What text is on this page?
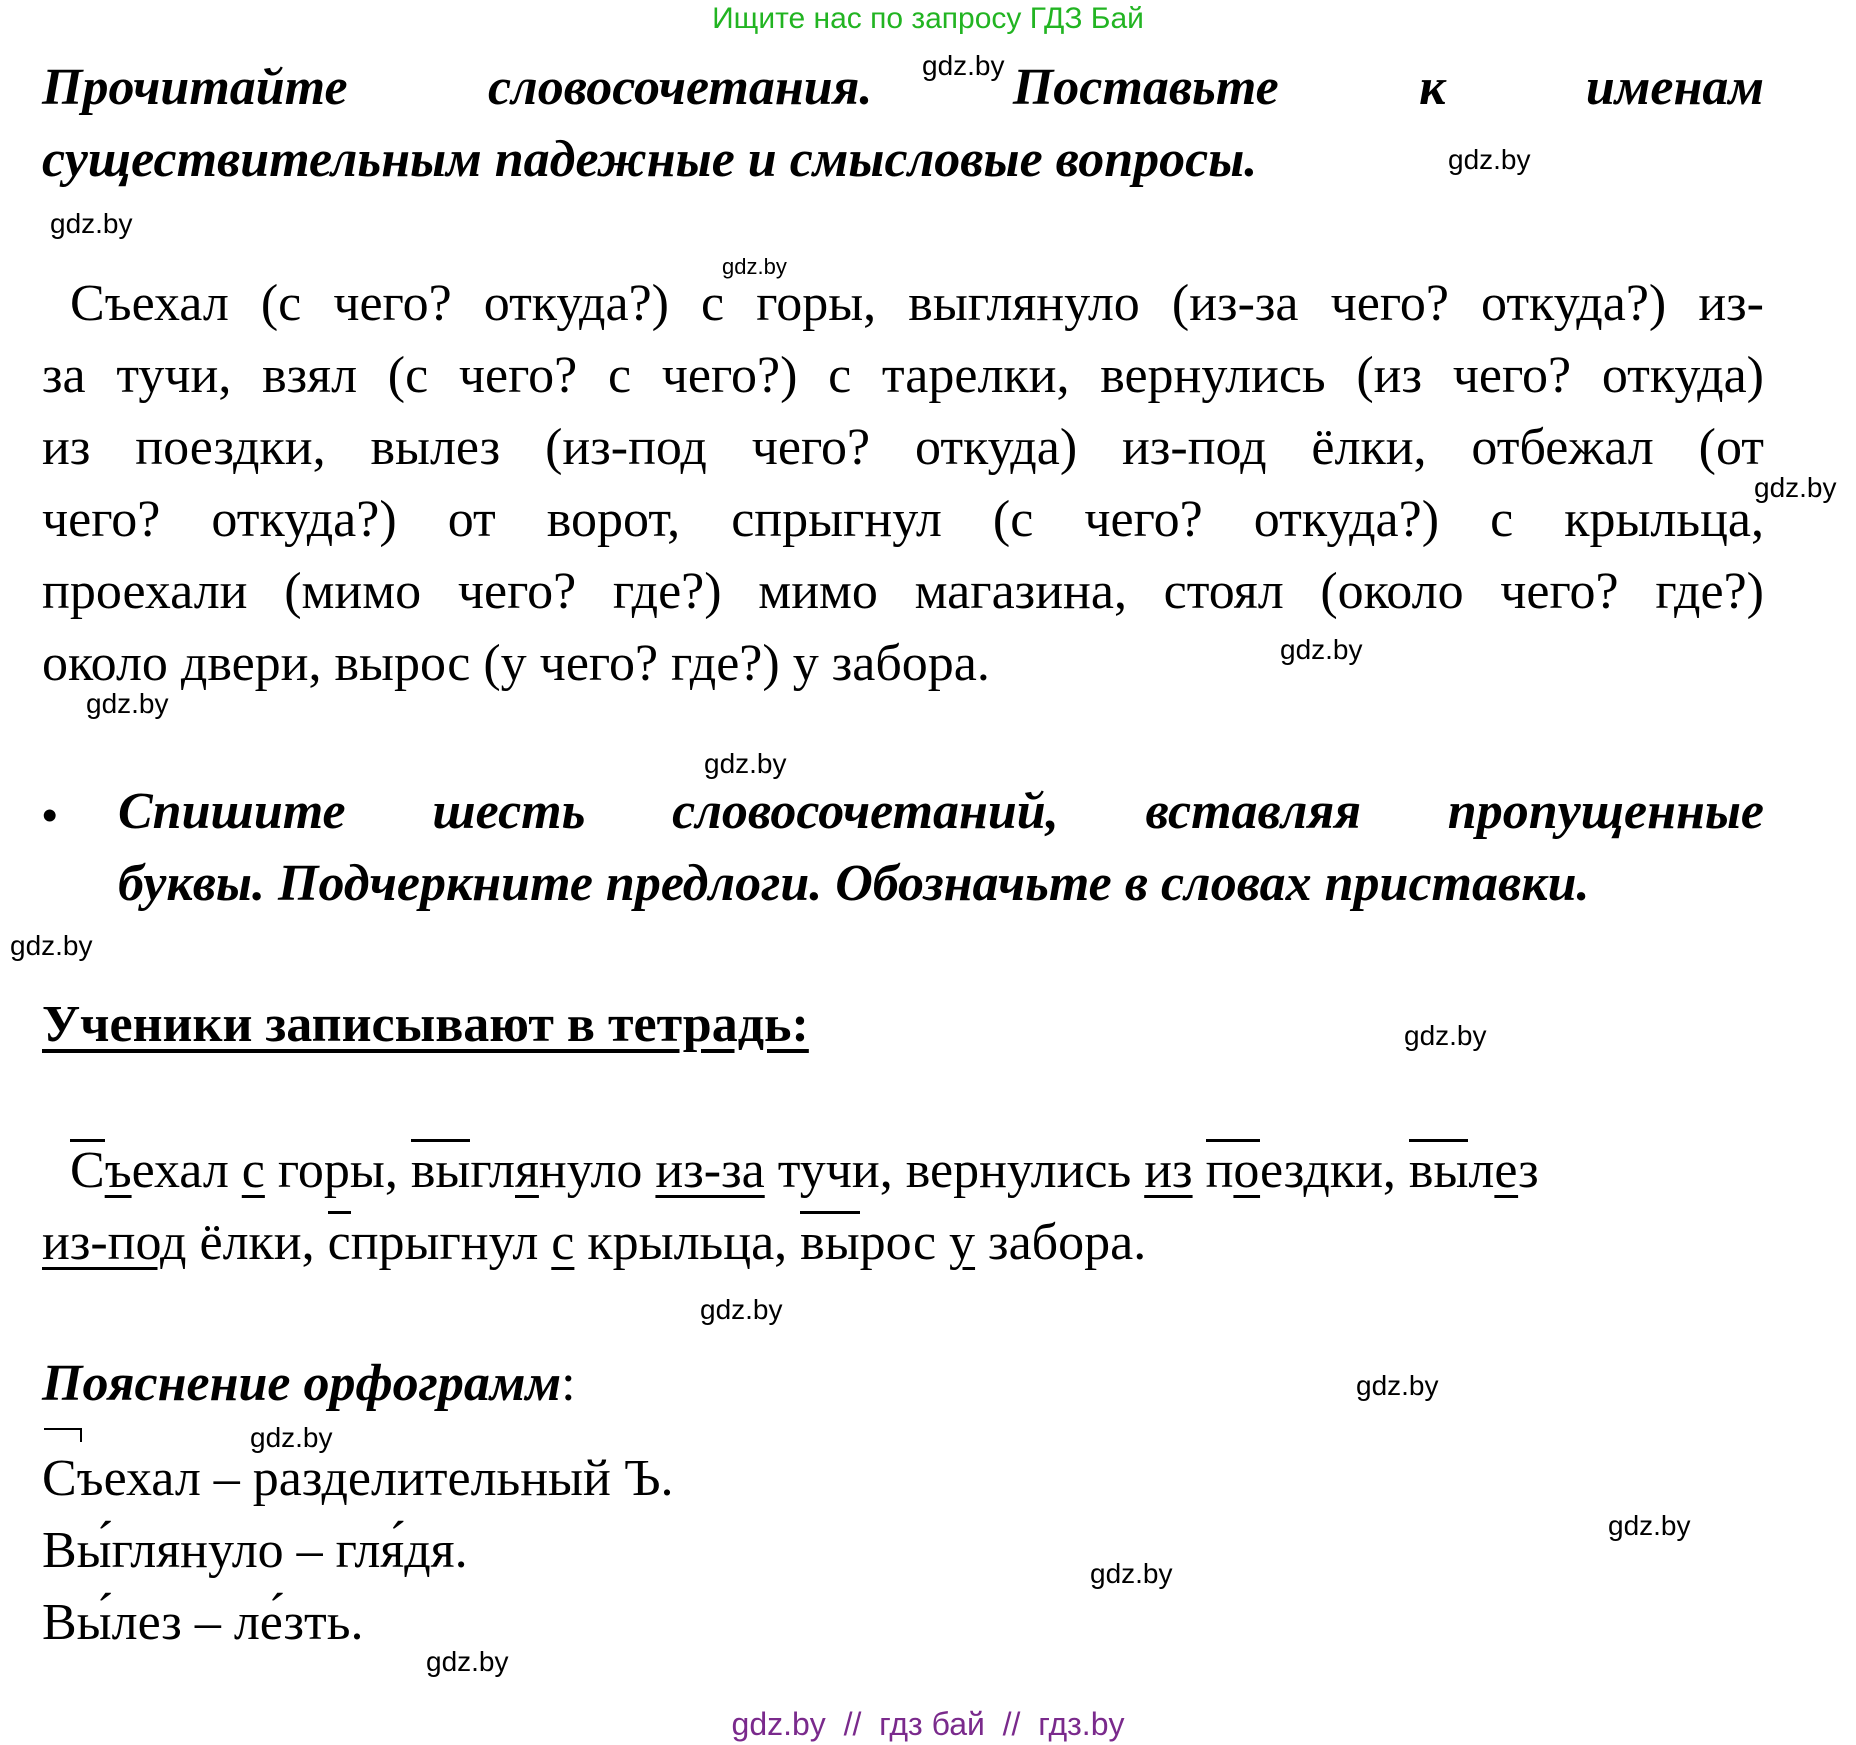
Ищите нас по запросу ГДЗ Бай
Прочитайте	словосочетания.	Поставьте	к	именам
существительным падежные и смысловые вопросы.
Съехал (с чего? откуда?) с горы, выглянуло (из-за чего? откуда?) из-
за тучи, взял (с чего? с чего?) с тарелки, вернулись (из чего? откуда)
из поездки, вылез (из-под чего? откуда) из-под ёлки, отбежал (от
чего? откуда?) от ворот, спрыгнул (с чего? откуда?) с крыльца,
проехали (мимо чего? где?) мимо магазина, стоял (около чего? где?)
около двери, вырос (у чего? где?) у забора.
• Спишите шесть словосочетаний, вставляя пропущенные
буквы. Подчеркните предлоги. Обозначьте в словах приставки.
Ученики записывают в тетрадь:
Съехал с горы, выглянуло из-за тучи, вернулись из поездки, вылез
из-под ёлки, спрыгнул с крыльца, вырос у забора.
Пояснение орфограмм:
Съехал – разделительный Ъ.
Вы́глянуло – гля́дя.
Вы́лез – ле́зть.
gdz.by
gdz.by
gdz.by
gdz.by
gdz.by
gdz.by
gdz.by
gdz.by
gdz.by
gdz.by
gdz.by
gdz.by
gdz.by
gdz.by
gdz.by
gdz.by
gdz.by  //  гдз бай  //  гдз.by
